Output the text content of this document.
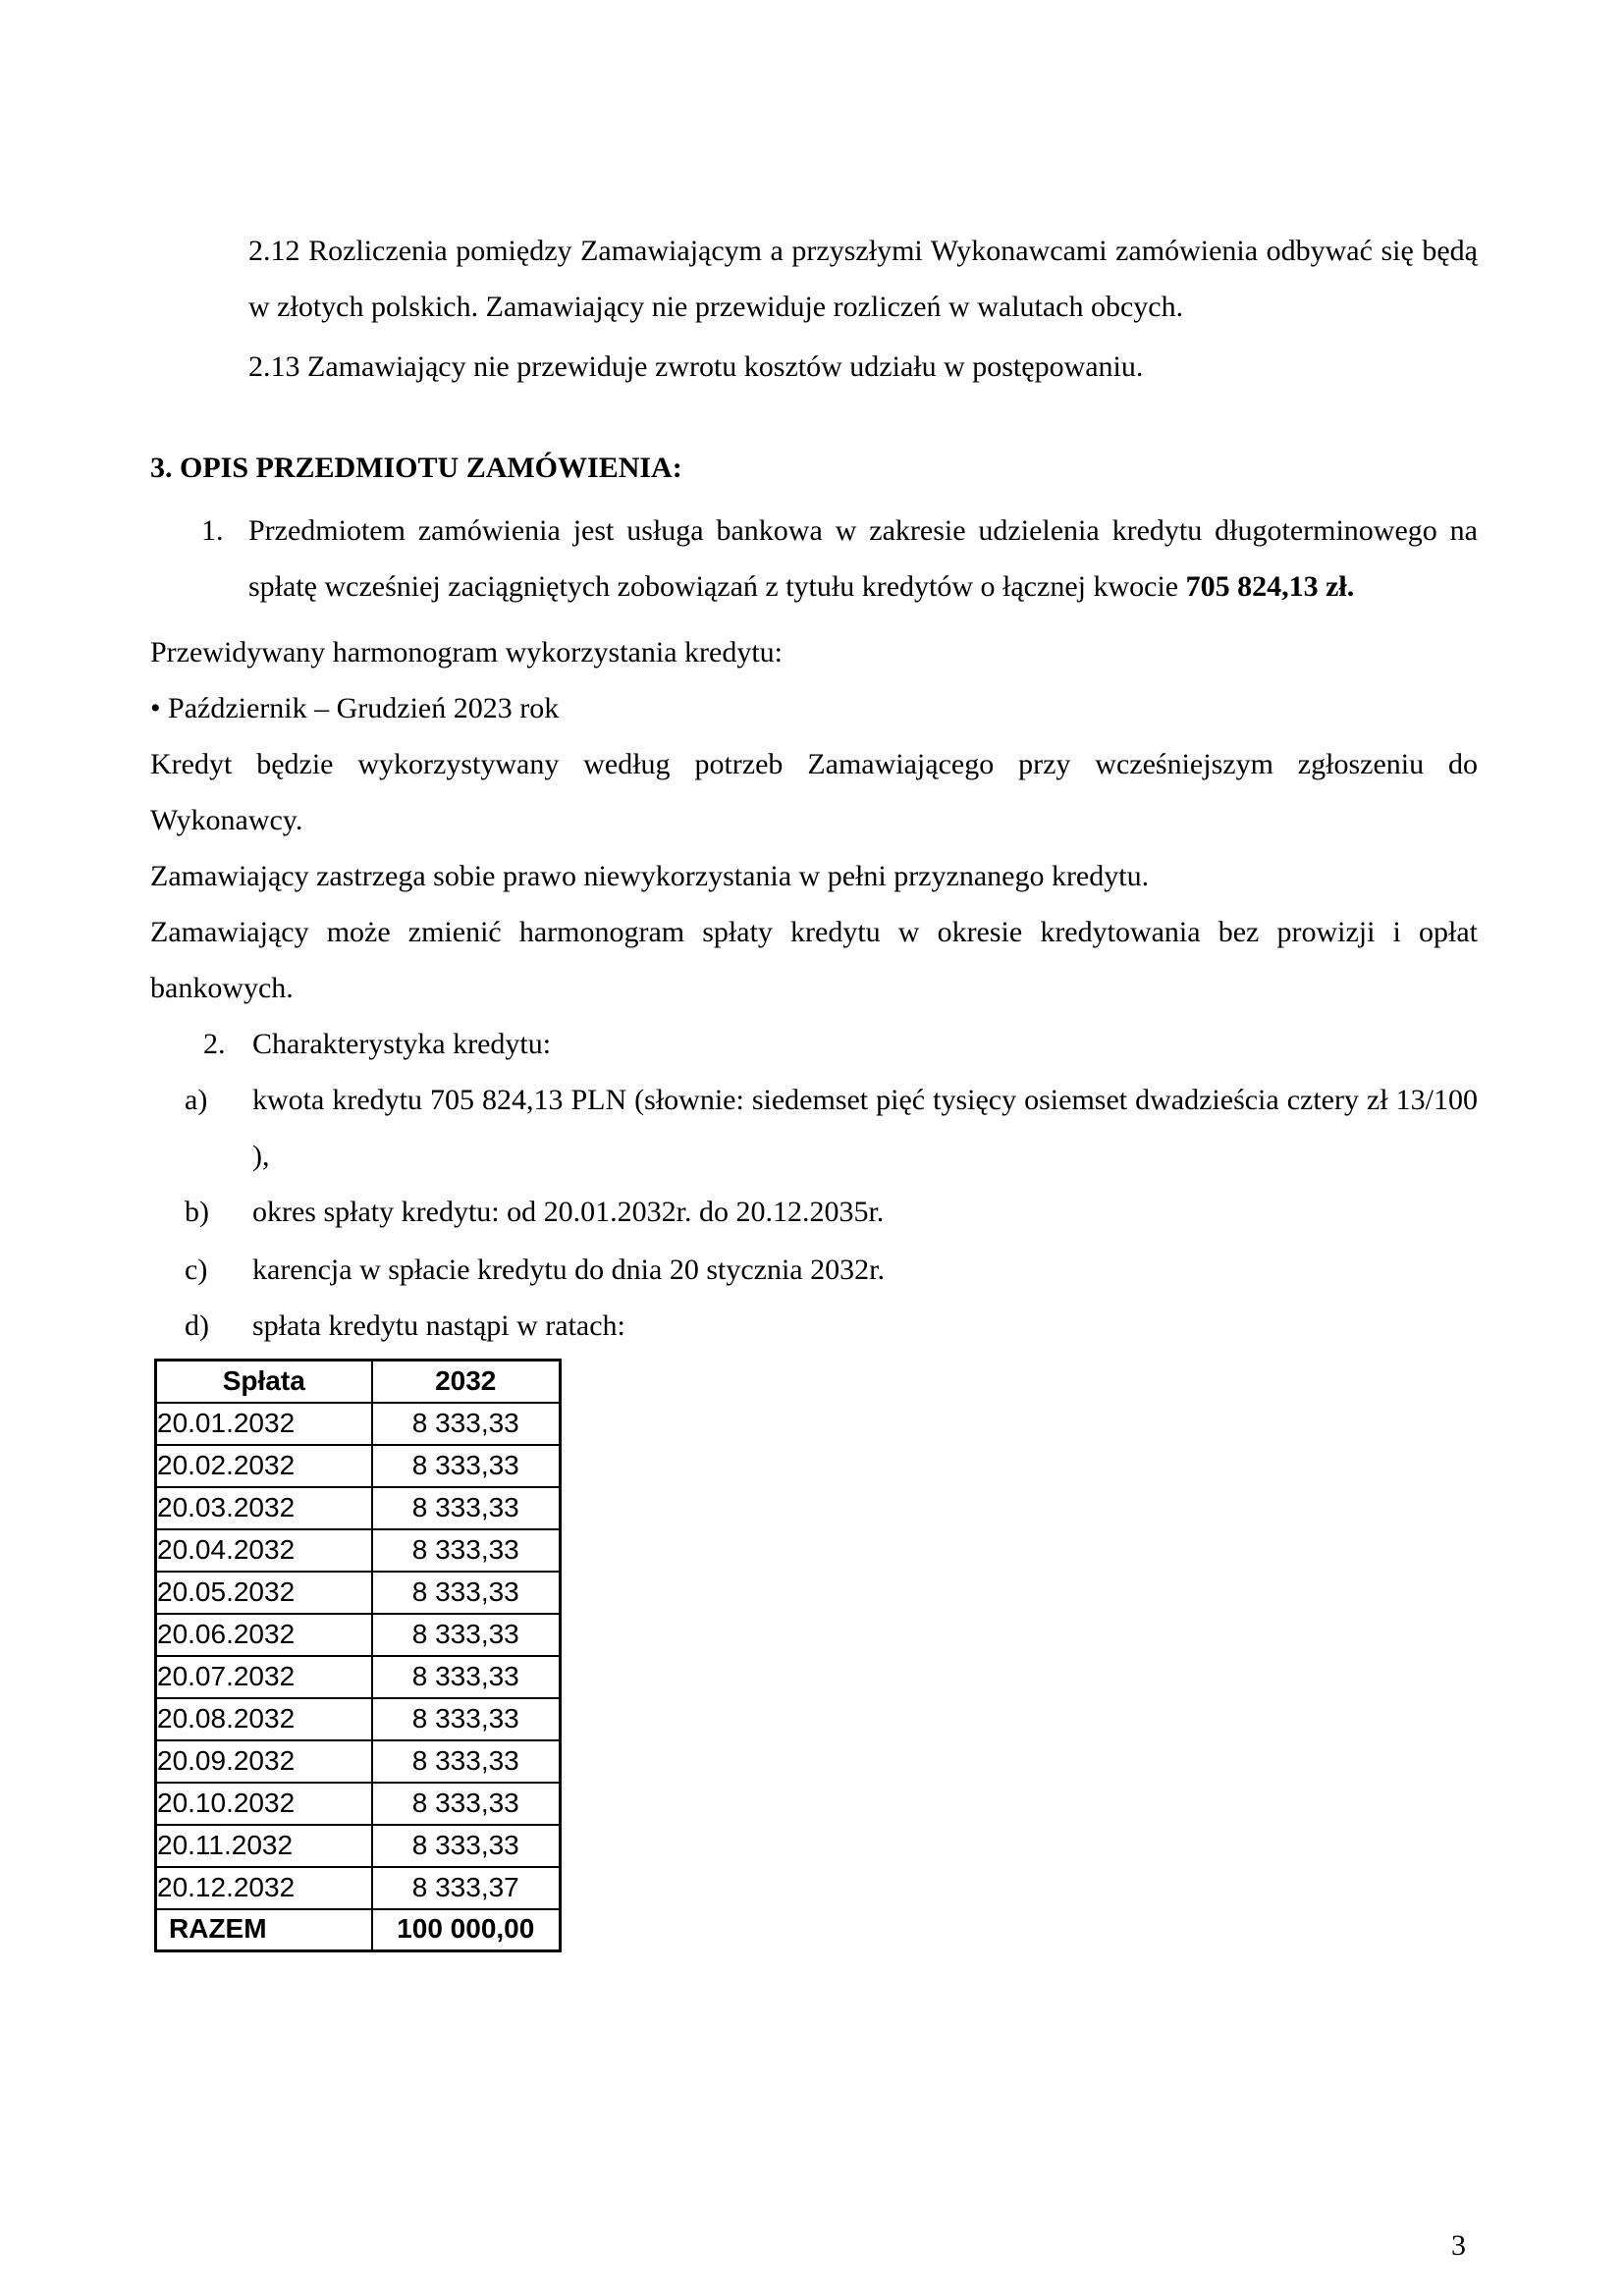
2.12 Rozliczenia pomiędzy Zamawiającym a przyszłymi Wykonawcami zamówienia odbywać się będą w złotych polskich. Zamawiający nie przewiduje rozliczeń w walutach obcych.

2.13 Zamawiający nie przewiduje zwrotu kosztów udziału w postępowaniu.

3. OPIS PRZEDMIOTU ZAMÓWIENIA:
1. Przedmiotem zamówienia jest usługa bankowa w zakresie udzielenia kredytu długoterminowego na spłatę wcześniej zaciągniętych zobowiązań z tytułu kredytów o łącznej kwocie 705 824,13 zł.

Przewidywany harmonogram wykorzystania kredytu:

• Październik – Grudzień 2023 rok

Kredyt będzie wykorzystywany według potrzeb Zamawiającego przy wcześniejszym zgłoszeniu do Wykonawcy.

Zamawiający zastrzega sobie prawo niewykorzystania w pełni przyznanego kredytu.

Zamawiający może zmienić harmonogram spłaty kredytu w okresie kredytowania bez prowizji i opłat bankowych.

2. Charakterystyka kredytu:
a)	kwota kredytu 705 824,13 PLN (słownie: siedemset pięć tysięcy osiemset dwadzieścia cztery zł 13/100 ),
b)	okres spłaty kredytu: od 20.01.2032r. do 20.12.2035r.
c)	karencja w spłacie kredytu do dnia 20 stycznia 2032r.
d)	spłata kredytu nastąpi w ratach:
Spłata	2032
20.01.2032	8 333,33
20.02.2032	8 333,33
20.03.2032	8 333,33
20.04.2032	8 333,33
20.05.2032	8 333,33
20.06.2032	8 333,33
20.07.2032	8 333,33
20.08.2032	8 333,33
20.09.2032	8 333,33
20.10.2032	8 333,33
20.11.2032	8 333,33
20.12.2032	8 333,37
RAZEM	100 000,00
3
